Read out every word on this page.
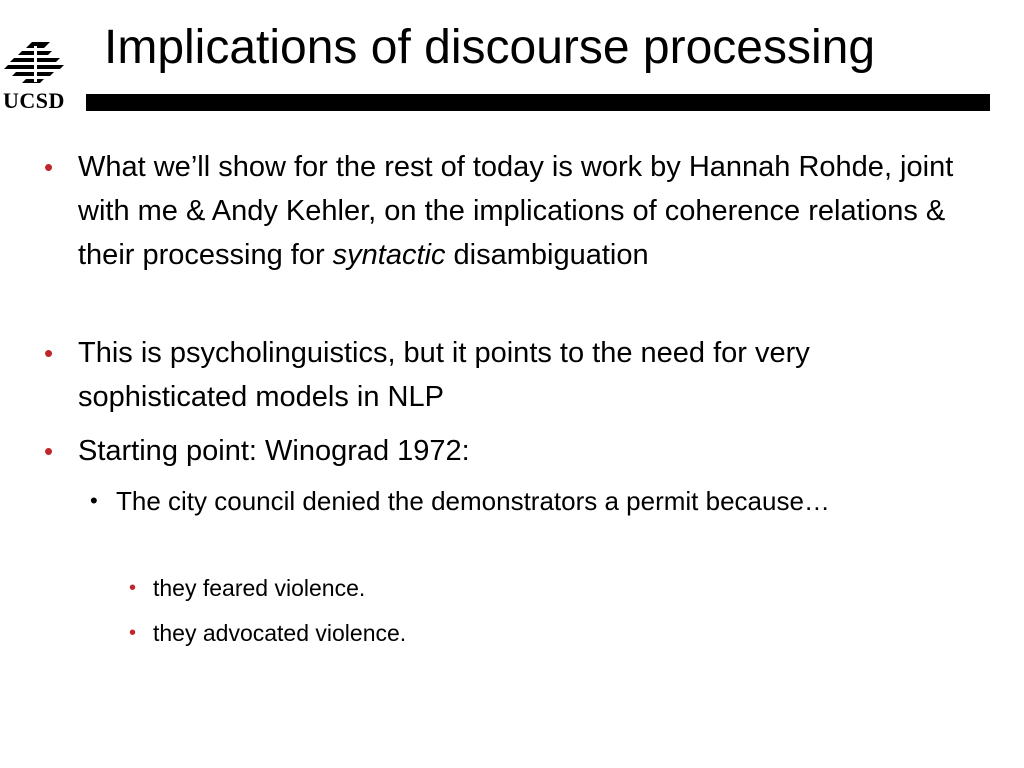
UCSD
Implications of discourse processing
• What we’ll show for the rest of today is work by Hannah Rohde, joint with me & Andy Kehler, on the implications of coherence relations & their processing for syntactic disambiguation
• This is psycholinguistics, but it points to the need for very sophisticated models in NLP
• Starting point: Winograd 1972:
• The city council denied the demonstrators a permit because…
• they feared violence.
• they advocated violence.
